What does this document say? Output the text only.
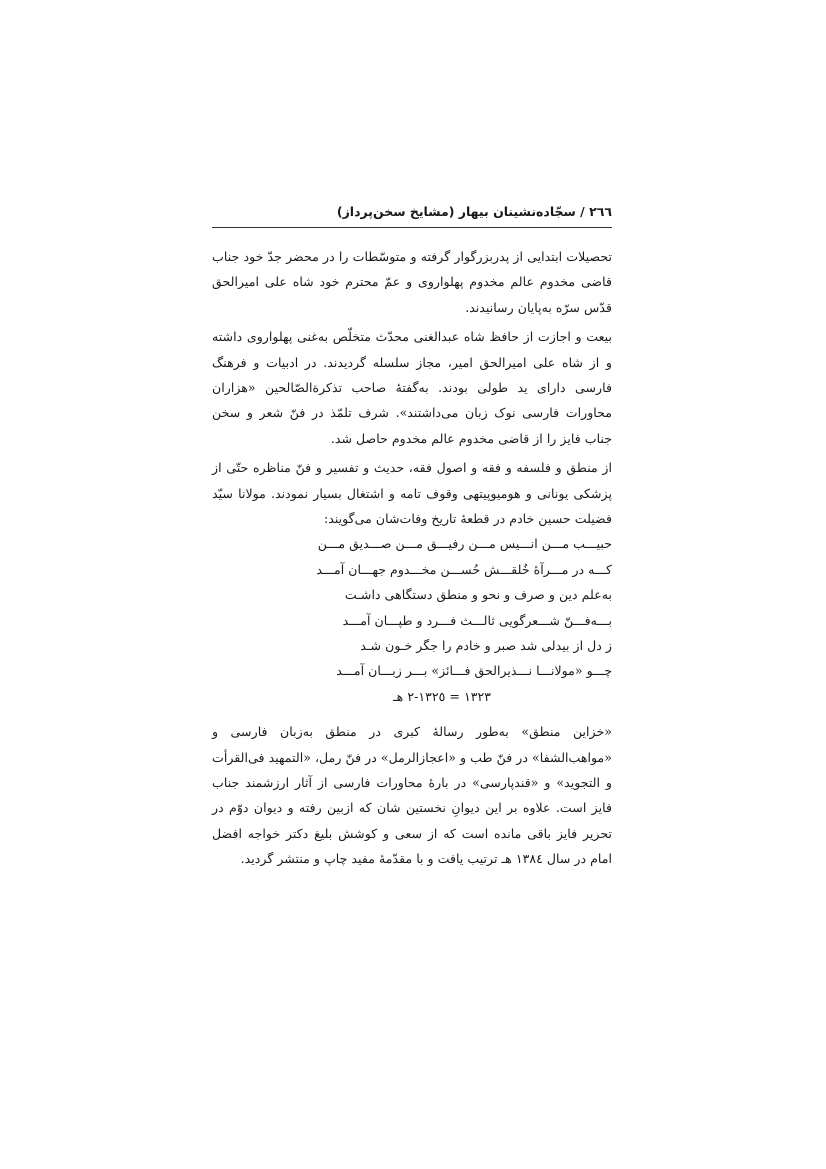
٢٦٦ / سجّاده‌نشینان بیهار (مشایخ سخن‌پرداز)

تحصیلات ابتدایی از پدربزرگوار گرفته و متوسّطات را در محضر جدّ خود جناب قاضی مخدوم عالم مخدوم پهلواروی و عمّ محترم خود شاه علی امیرالحق قدّس سرّه به‌پایان رسانیدند.

بیعت و اجازت از حافظ شاه عبدالغنی محدّث متخلّص به‌غنی پهلواروی داشته و از شاه علی امیرالحق امیر، مجاز سلسله گردیدند. در ادبیات و فرهنگ فارسی دارای ید طولی بودند. به‌گفتهٔ صاحب تذکرةالصّالحین «هزاران محاورات فارسی نوک زبان می‌داشتند». شرف تلمّذ در فنّ شعر و سخن جناب فایز را از قاضی مخدوم عالم مخدوم حاصل شد.

از منطق و فلسفه و فقه و اصول فقه، حدیث و تفسیر و فنّ مناظره حتّی از پزشکی یونانی و هومیوپیتهی وقوف تامه و اشتغال بسیار نمودند. مولانا سیّد فضیلت حسین خادم در قطعهٔ تاریخ وفات‌شان می‌گویند:

حبیـــب مـــن انـــیس مـــن رفیـــق مـــن صـــدیق مـــن
کـــه در مـــرآهٔ خُلقـــش حُســـن مخـــدوم جهـــان آمـــد
به‌علم دین و صرف و نحو و منطق دستگاهی داشـت
بـــه‌فـــنّ شـــعرگویی ثالـــث فـــرد و طپـــان آمـــد
ز دل از بیدلی شد صبر و خادم را جگر خـون شـد
چـــو «مولانـــا نـــذیرالحق فـــائز» بـــر زبـــان آمـــد
١٣٢٣ = ١٣٢٥-٢ هـ

«خزاین منطق» به‌طور رسالهٔ کبری در منطق به‌زبان فارسی و «مواهب‌الشفا» در فنّ طب و «اعجازالرمل» در فنّ رمل، «التمهید فی‌القرأت و التجوید» و «قندپارسی» در بارهٔ محاورات فارسی از آثار ارزشمند جناب فایز است. علاوه بر این دیوانِ نخستین شان که ازبین رفته و دیوان دوّم در تحریر فایز باقی مانده است که از سعی و کوشش بلیغ دکتر خواجه افضل امام در سال ١٣٨٤ هـ ترتیب یافت و با مقدّمهٔ مفید چاپ و منتشر گردید.
